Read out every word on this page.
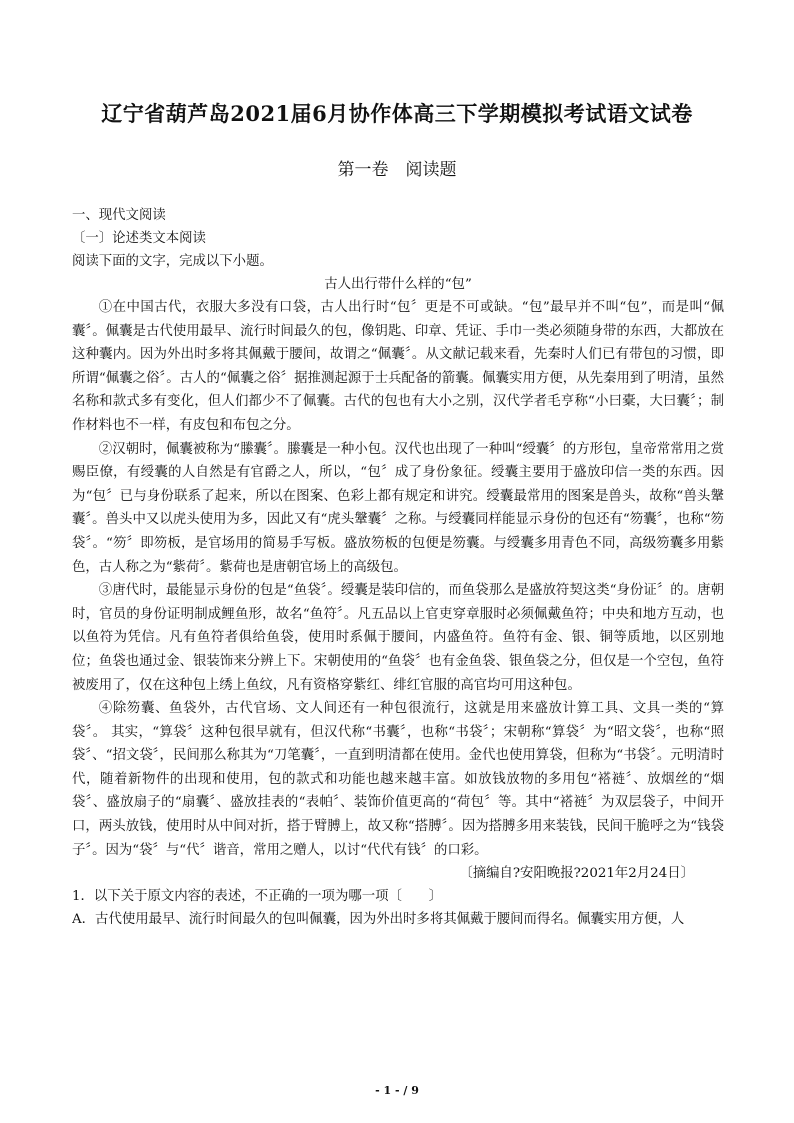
辽宁省葫芦岛2021届6月协作体高三下学期模拟考试语文试卷
第一卷　阅读题
一、现代文阅读
〔一〕论述类文本阅读
阅读下面的文字，完成以下小题。
古人出行带什么样的“包”
①在中国古代，衣服大多没有口袋，古人出行时“包〞更是不可或缺。“包”最早并不叫“包”，而是叫“佩囊〞。佩囊是古代使用最早、流行时间最久的包，像钥匙、印章、凭证、手巾一类必须随身带的东西，大都放在这种囊内。因为外出时多将其佩戴于腰间，故谓之“佩囊〞。从文献记载来看，先秦时人们已有带包的习惯，即所谓“佩囊之俗〞。古人的“佩囊之俗〞据推测起源于士兵配备的箭囊。佩囊实用方便，从先秦用到了明清，虽然名称和款式多有变化，但人们都少不了佩囊。古代的包也有大小之别，汉代学者毛亨称“小曰橐，大曰囊〞；制作材料也不一样，有皮包和布包之分。
②汉朝时，佩囊被称为“縢囊〞。縢囊是一种小包。汉代也出现了一种叫“绶囊〞的方形包，皇帝常常用之赏赐臣僚，有绶囊的人自然是有官爵之人，所以，“包〞成了身份象征。绶囊主要用于盛放印信一类的东西。因为“包〞已与身份联系了起来，所以在图案、色彩上都有规定和讲究。绶囊最常用的图案是兽头，故称“兽头鞶囊〞。兽头中又以虎头使用为多，因此又有“虎头鞶囊〞之称。与绶囊同样能显示身份的包还有“笏囊〞，也称“笏袋〞。“笏〞即笏板，是官场用的简易手写板。盛放笏板的包便是笏囊。与绶囊多用青色不同，高级笏囊多用紫色，古人称之为“紫荷〞。紫荷也是唐朝官场上的高级包。
③唐代时，最能显示身份的包是“鱼袋〞。绶囊是装印信的，而鱼袋那么是盛放符契这类“身份证〞的。唐朝时，官员的身份证明制成鲤鱼形，故名“鱼符〞。凡五品以上官吏穿章服时必须佩戴鱼符；中央和地方互动，也以鱼符为凭信。凡有鱼符者俱给鱼袋，使用时系佩于腰间，内盛鱼符。鱼符有金、银、铜等质地，以区别地位；鱼袋也通过金、银装饰来分辨上下。宋朝使用的“鱼袋〞也有金鱼袋、银鱼袋之分，但仅是一个空包，鱼符被废用了，仅在这种包上绣上鱼纹，凡有资格穿紫红、绯红官服的高官均可用这种包。
④除笏囊、鱼袋外，古代官场、文人间还有一种包很流行，这就是用来盛放计算工具、文具一类的“算袋〞。 其实，“算袋〞这种包很早就有，但汉代称“书囊〞，也称“书袋〞；宋朝称“算袋〞为“昭文袋〞，也称“照袋〞、“招文袋〞，民间那么称其为“刀笔囊〞，一直到明清都在使用。金代也使用算袋，但称为“书袋〞。元明清时代，随着新物件的出现和使用，包的款式和功能也越来越丰富。如放钱放物的多用包“褡裢〞、放烟丝的“烟袋〞、盛放扇子的“扇囊〞、盛放挂表的“表帕〞、装饰价值更高的“荷包〞等。其中“褡裢〞为双层袋子，中间开口，两头放钱，使用时从中间对折，搭于臂膊上，故又称“搭膊〞。因为搭膊多用来装钱，民间干脆呼之为“钱袋子〞。因为“袋〞与“代〞谐音，常用之赠人，以讨“代代有钱〞的口彩。
〔摘编自?安阳晚报?2021年2月24日〕
1．以下关于原文内容的表述，不正确的一项为哪一项〔　　〕
A．古代使用最早、流行时间最久的包叫佩囊，因为外出时多将其佩戴于腰间而得名。佩囊实用方便，人
- 1 - / 9
